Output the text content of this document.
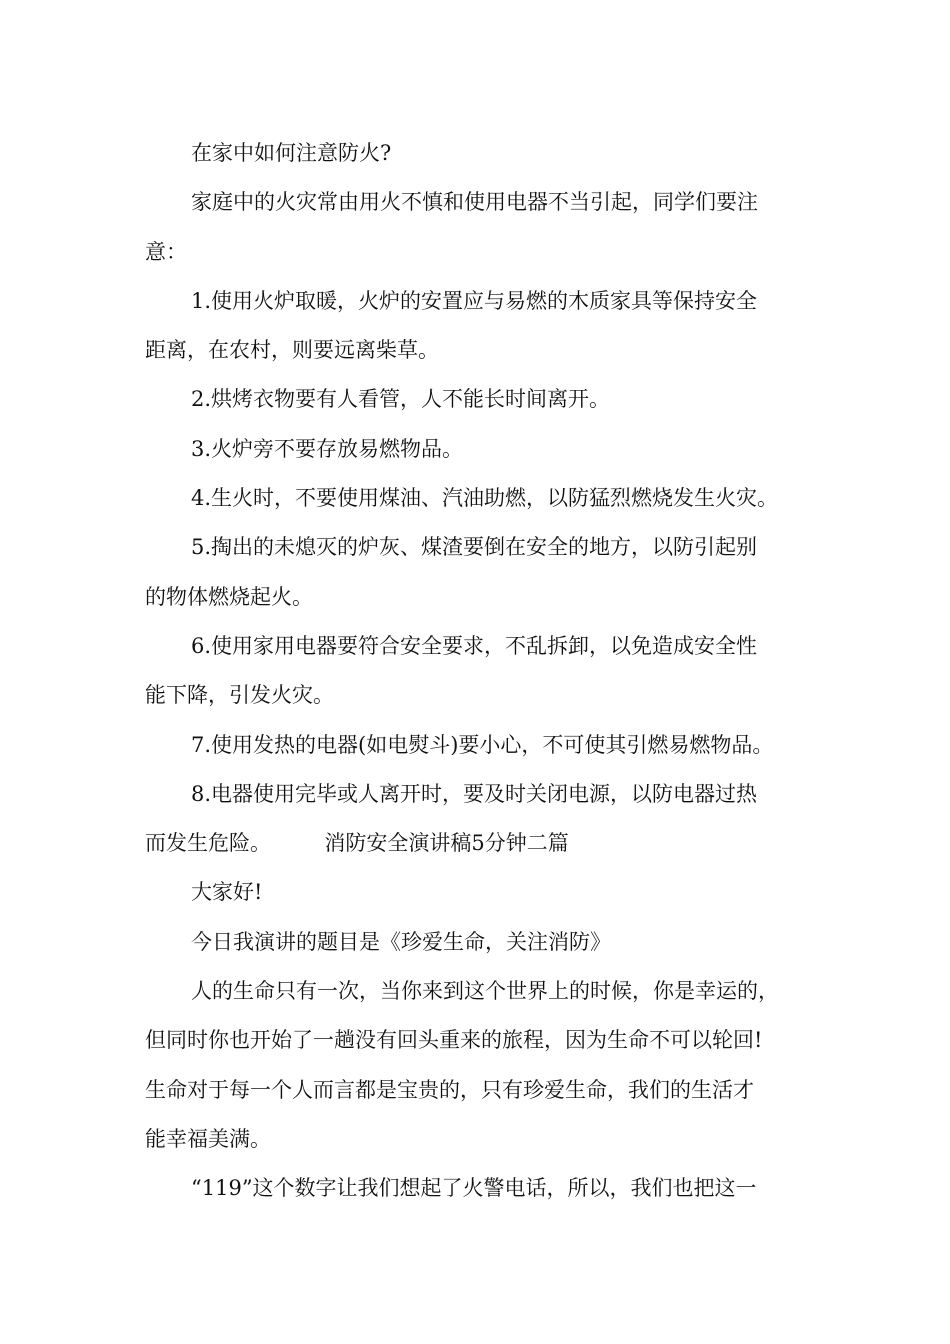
在家中如何注意防火?

家庭中的火灾常由用火不慎和使用电器不当引起，同学们要注

意：

1.使用火炉取暖，火炉的安置应与易燃的木质家具等保持安全

距离，在农村，则要远离柴草。

2.烘烤衣物要有人看管，人不能长时间离开。

3.火炉旁不要存放易燃物品。

4.生火时，不要使用煤油、汽油助燃，以防猛烈燃烧发生火灾。

5.掏出的未熄灭的炉灰、煤渣要倒在安全的地方，以防引起别

的物体燃烧起火。

6.使用家用电器要符合安全要求，不乱拆卸，以免造成安全性

能下降，引发火灾。

7.使用发热的电器(如电熨斗)要小心，不可使其引燃易燃物品。

8.电器使用完毕或人离开时，要及时关闭电源，以防电器过热

而发生危险。        消防安全演讲稿5分钟二篇

大家好!

今日我演讲的题目是《珍爱生命，关注消防》

人的生命只有一次，当你来到这个世界上的时候，你是幸运的，

但同时你也开始了一趟没有回头重来的旅程，因为生命不可以轮回!

生命对于每一个人而言都是宝贵的，只有珍爱生命，我们的生活才

能幸福美满。

“119”这个数字让我们想起了火警电话，所以，我们也把这一
